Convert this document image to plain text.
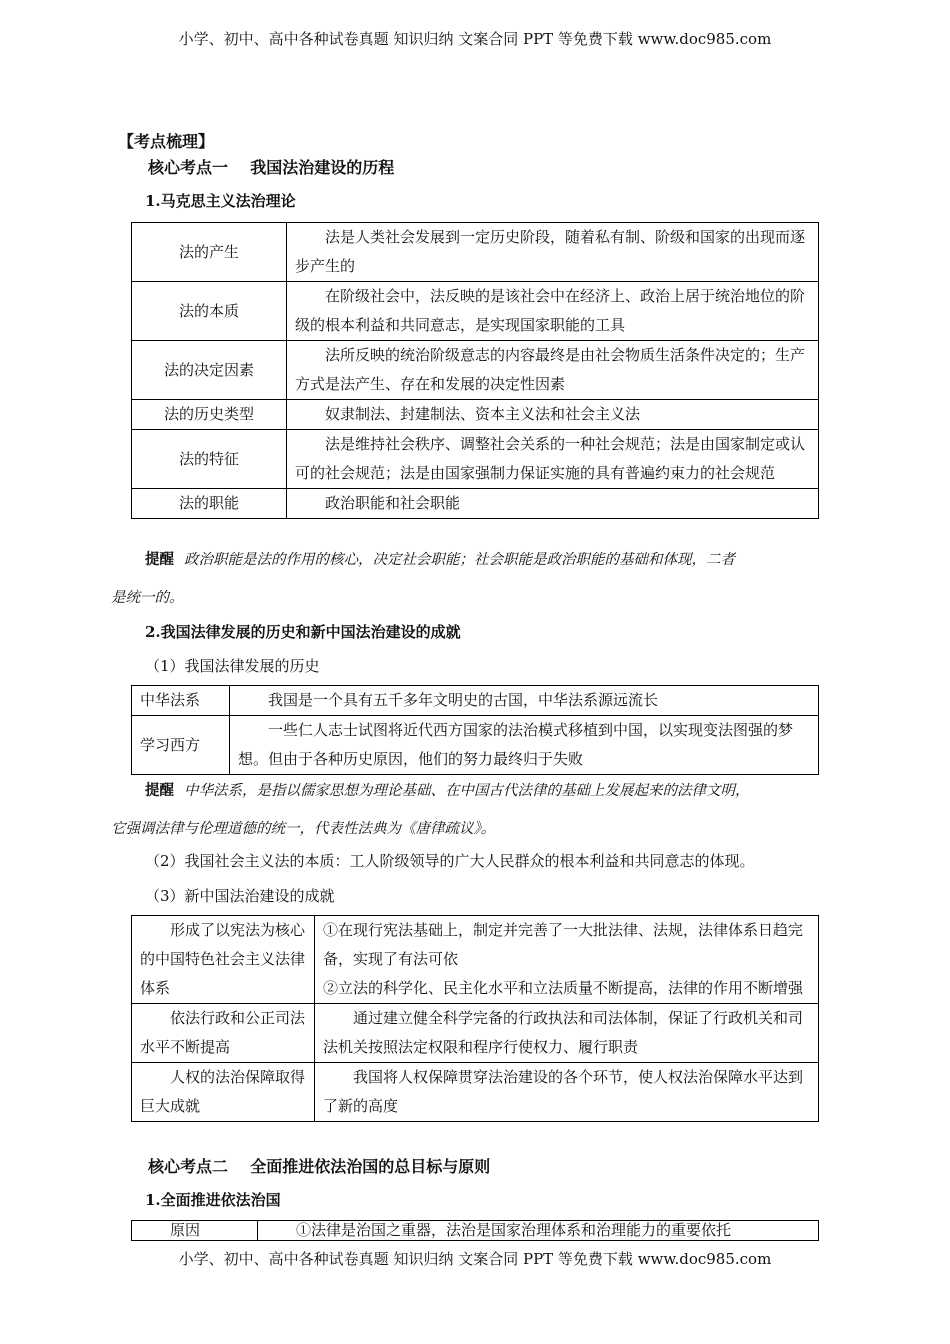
小学、初中、高中各种试卷真题 知识归纳 文案合同 PPT 等免费下载 www.doc985.com
【考点梳理】
核心考点一    我国法治建设的历程
1.马克思主义法治理论
法的产生	法是人类社会发展到一定历史阶段，随着私有制、阶级和国家的出现而逐步产生的
法的本质	在阶级社会中，法反映的是该社会中在经济上、政治上居于统治地位的阶级的根本利益和共同意志，是实现国家职能的工具
法的决定因素	法所反映的统治阶级意志的内容最终是由社会物质生活条件决定的；生产方式是法产生、存在和发展的决定性因素
法的历史类型	奴隶制法、封建制法、资本主义法和社会主义法
法的特征	法是维持社会秩序、调整社会关系的一种社会规范；法是由国家制定或认可的社会规范；法是由国家强制力保证实施的具有普遍约束力的社会规范
法的职能	政治职能和社会职能
提醒 政治职能是法的作用的核心，决定社会职能；社会职能是政治职能的基础和体现，二者
是统一的。
2.我国法律发展的历史和新中国法治建设的成就
（1）我国法律发展的历史
中华法系	我国是一个具有五千多年文明史的古国，中华法系源远流长
学习西方	一些仁人志士试图将近代西方国家的法治模式移植到中国，以实现变法图强的梦想。但由于各种历史原因，他们的努力最终归于失败
提醒 中华法系，是指以儒家思想为理论基础、在中国古代法律的基础上发展起来的法律文明，
它强调法律与伦理道德的统一，代表性法典为《唐律疏议》。
（2）我国社会主义法的本质：工人阶级领导的广大人民群众的根本利益和共同意志的体现。
（3）新中国法治建设的成就
形成了以宪法为核心的中国特色社会主义法律体系	①在现行宪法基础上，制定并完善了一大批法律、法规，法律体系日趋完备，实现了有法可依
②立法的科学化、民主化水平和立法质量不断提高，法律的作用不断增强

依法行政和公正司法水平不断提高	通过建立健全科学完备的行政执法和司法体制，保证了行政机关和司法机关按照法定权限和程序行使权力、履行职责
人权的法治保障取得巨大成就	我国将人权保障贯穿法治建设的各个环节，使人权法治保障水平达到了新的高度
核心考点二    全面推进依法治国的总目标与原则
1.全面推进依法治国
原因	①法律是治国之重器，法治是国家治理体系和治理能力的重要依托
小学、初中、高中各种试卷真题 知识归纳 文案合同 PPT 等免费下载 www.doc985.com
